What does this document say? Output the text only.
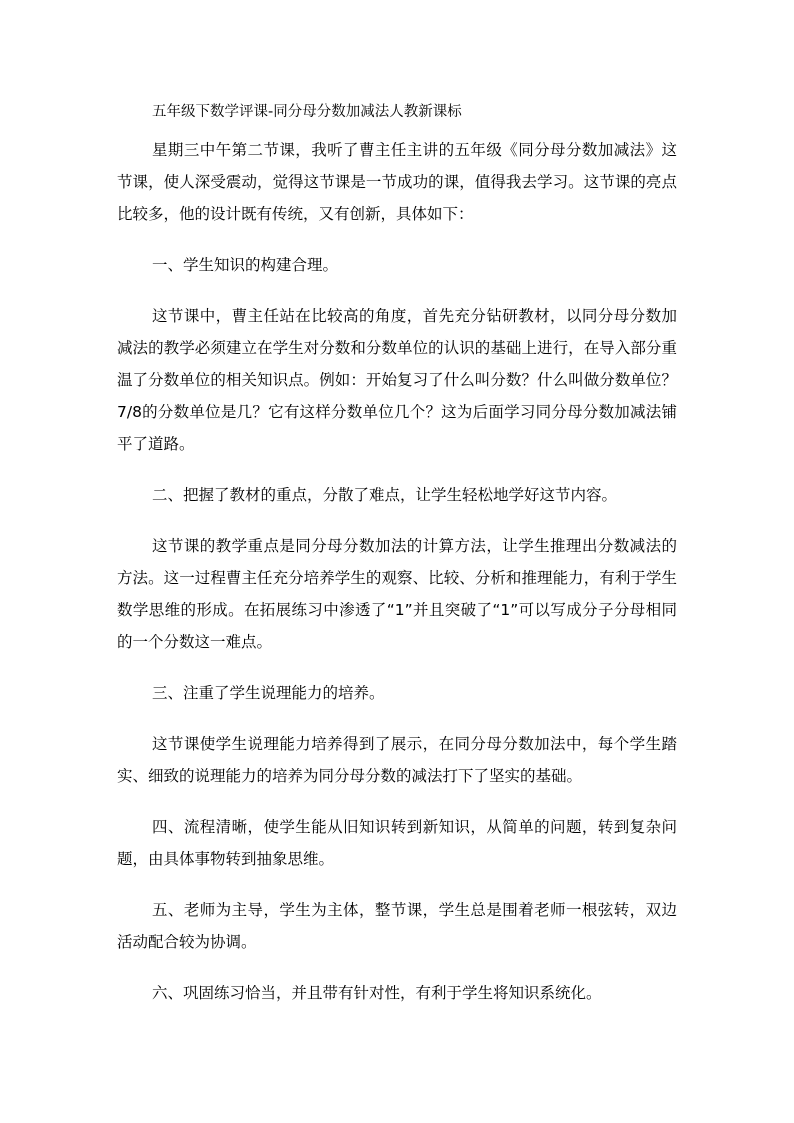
五年级下数学评课-同分母分数加减法人教新课标

星期三中午第二节课，我听了曹主任主讲的五年级《同分母分数加减法》这节课，使人深受震动，觉得这节课是一节成功的课，值得我去学习。这节课的亮点比较多，他的设计既有传统，又有创新，具体如下：

一、学生知识的构建合理。

这节课中，曹主任站在比较高的角度，首先充分钻研教材，以同分母分数加减法的教学必须建立在学生对分数和分数单位的认识的基础上进行，在导入部分重温了分数单位的相关知识点。例如：开始复习了什么叫分数？什么叫做分数单位？7/8的分数单位是几？它有这样分数单位几个？这为后面学习同分母分数加减法铺平了道路。

二、把握了教材的重点，分散了难点，让学生轻松地学好这节内容。

这节课的教学重点是同分母分数加法的计算方法，让学生推理出分数减法的方法。这一过程曹主任充分培养学生的观察、比较、分析和推理能力，有利于学生数学思维的形成。在拓展练习中渗透了“1”并且突破了“1”可以写成分子分母相同的一个分数这一难点。

三、注重了学生说理能力的培养。

这节课使学生说理能力培养得到了展示，在同分母分数加法中，每个学生踏实、细致的说理能力的培养为同分母分数的减法打下了坚实的基础。

四、流程清晰，使学生能从旧知识转到新知识，从简单的问题，转到复杂问题，由具体事物转到抽象思维。

五、老师为主导，学生为主体，整节课，学生总是围着老师一根弦转，双边活动配合较为协调。

六、巩固练习恰当，并且带有针对性，有利于学生将知识系统化。
